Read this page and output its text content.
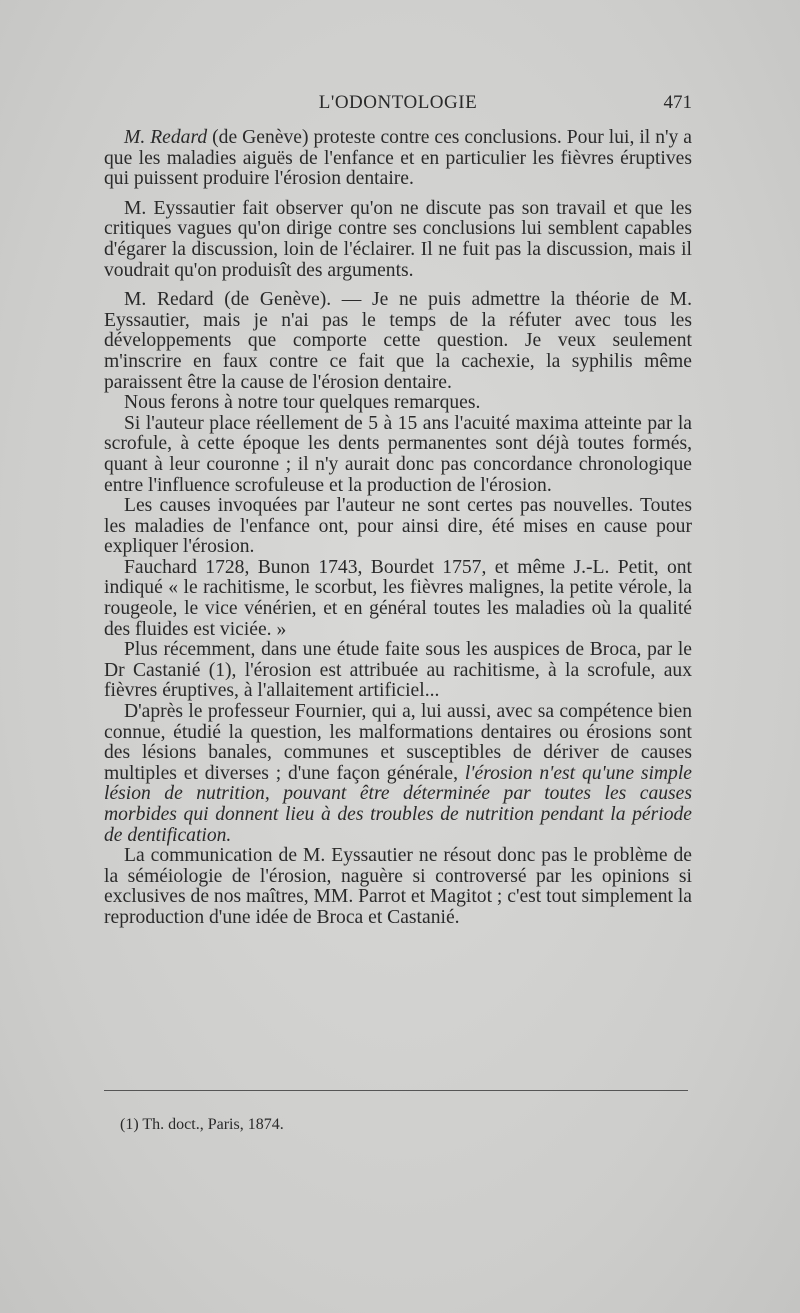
L'ODONTOLOGIE	471

M. Redard (de Genève) proteste contre ces conclusions. Pour lui, il n'y a que les maladies aiguës de l'enfance et en particulier les fièvres éruptives qui puissent produire l'érosion dentaire.

M. Eyssautier fait observer qu'on ne discute pas son travail et que les critiques vagues qu'on dirige contre ses conclusions lui semblent capables d'égarer la discussion, loin de l'éclairer. Il ne fuit pas la discussion, mais il voudrait qu'on produisît des arguments.

M. Redard (de Genève). — Je ne puis admettre la théorie de M. Eyssautier, mais je n'ai pas le temps de la réfuter avec tous les développements que comporte cette question. Je veux seulement m'inscrire en faux contre ce fait que la cachexie, la syphilis même paraissent être la cause de l'érosion dentaire.

Nous ferons à notre tour quelques remarques.

Si l'auteur place réellement de 5 à 15 ans l'acuité maxima atteinte par la scrofule, à cette époque les dents permanentes sont déjà toutes formés, quant à leur couronne ; il n'y aurait donc pas concordance chronologique entre l'influence scrofuleuse et la production de l'érosion.

Les causes invoquées par l'auteur ne sont certes pas nouvelles. Toutes les maladies de l'enfance ont, pour ainsi dire, été mises en cause pour expliquer l'érosion.

Fauchard 1728, Bunon 1743, Bourdet 1757, et même J.-L. Petit, ont indiqué « le rachitisme, le scorbut, les fièvres malignes, la petite vérole, la rougeole, le vice vénérien, et en général toutes les maladies où la qualité des fluides est viciée. »

Plus récemment, dans une étude faite sous les auspices de Broca, par le Dr Castanié (1), l'érosion est attribuée au rachitisme, à la scrofule, aux fièvres éruptives, à l'allaitement artificiel...

D'après le professeur Fournier, qui a, lui aussi, avec sa compétence bien connue, étudié la question, les malformations dentaires ou érosions sont des lésions banales, communes et susceptibles de dériver de causes multiples et diverses ; d'une façon générale, l'érosion n'est qu'une simple lésion de nutrition, pouvant être déterminée par toutes les causes morbides qui donnent lieu à des troubles de nutrition pendant la période de dentification.

La communication de M. Eyssautier ne résout donc pas le problème de la séméiologie de l'érosion, naguère si controversé par les opinions si exclusives de nos maîtres, MM. Parrot et Magitot ; c'est tout simplement la reproduction d'une idée de Broca et Castanié.

(1) Th. doct., Paris, 1874.
